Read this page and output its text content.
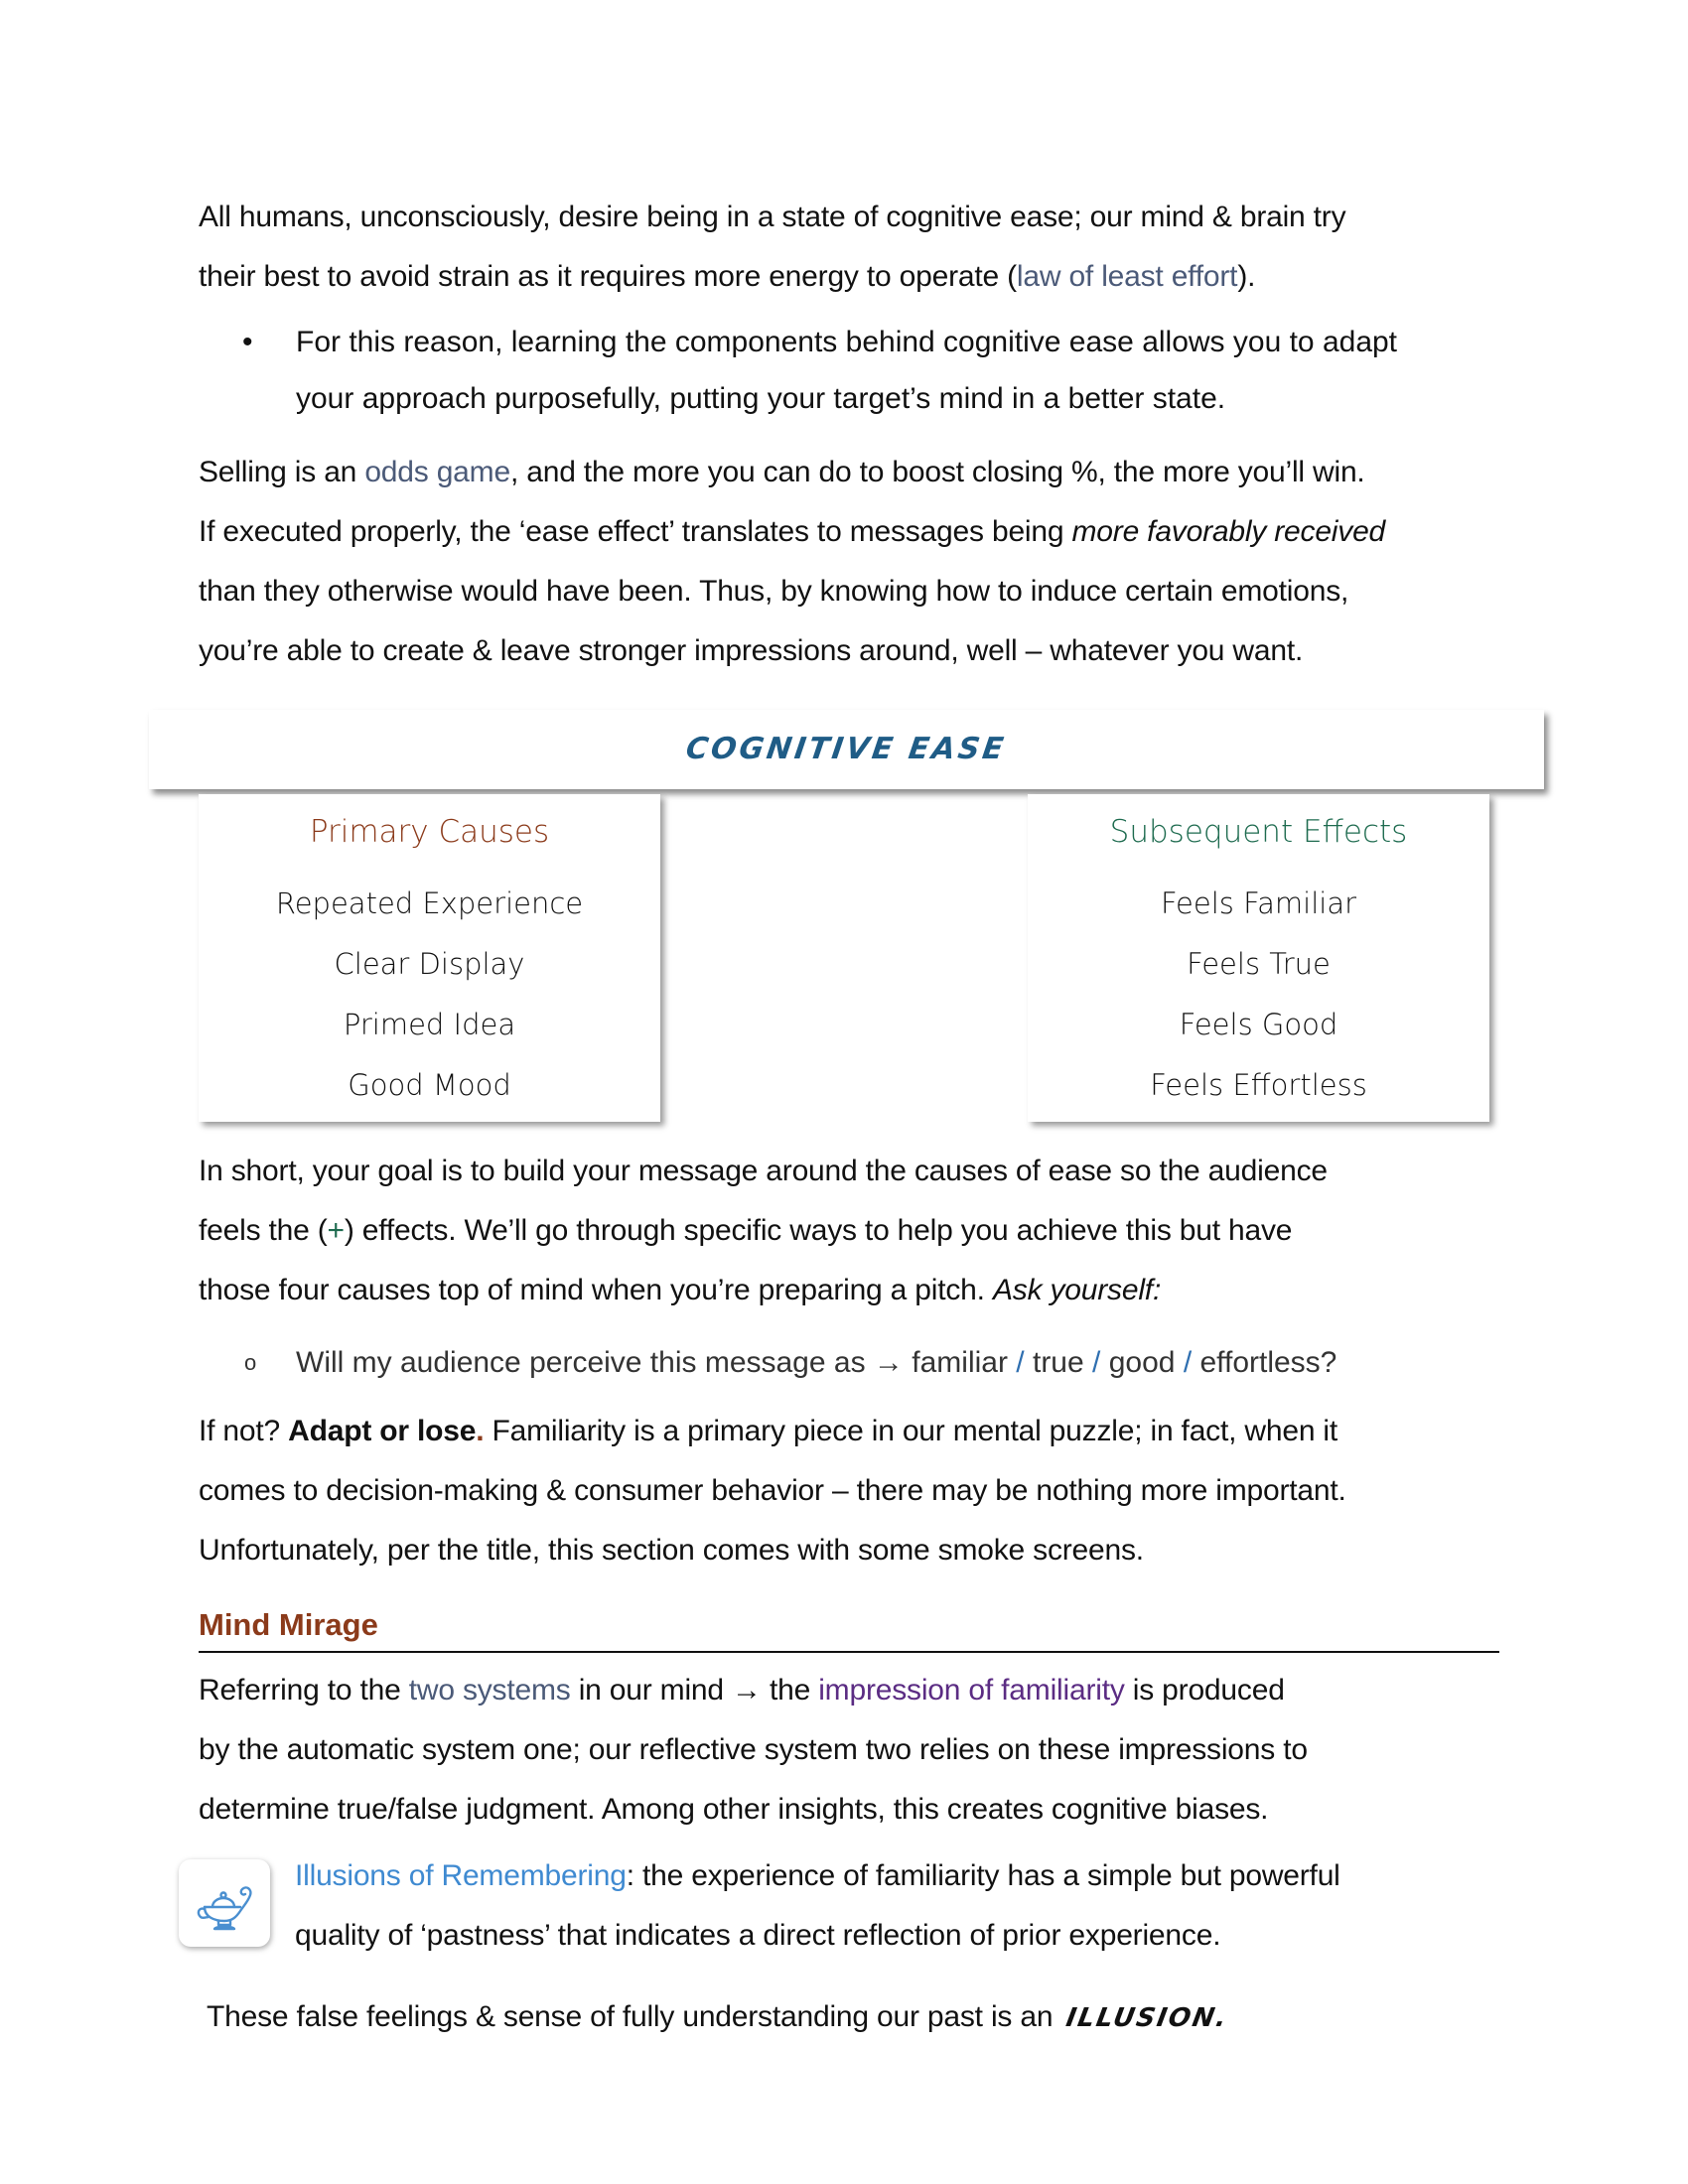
All humans, unconsciously, desire being in a state of cognitive ease; our mind & brain try
their best to avoid strain as it requires more energy to operate (law of least effort).

• For this reason, learning the components behind cognitive ease allows you to adapt
your approach purposefully, putting your target’s mind in a better state.

Selling is an odds game, and the more you can do to boost closing %, the more you’ll win.
If executed properly, the ‘ease effect’ translates to messages being more favorably received
than they otherwise would have been. Thus, by knowing how to induce certain emotions,
you’re able to create & leave stronger impressions around, well – whatever you want.

COGNITIVE EASE
Primary Causes
Repeated Experience
Clear Display
Primed Idea
Good Mood
Subsequent Effects
Feels Familiar
Feels True
Feels Good
Feels Effortless

In short, your goal is to build your message around the causes of ease so the audience
feels the (+) effects. We’ll go through specific ways to help you achieve this but have
those four causes top of mind when you’re preparing a pitch. Ask yourself:

o Will my audience perceive this message as → familiar / true / good / effortless?

If not? Adapt or lose. Familiarity is a primary piece in our mental puzzle; in fact, when it
comes to decision-making & consumer behavior – there may be nothing more important.
Unfortunately, per the title, this section comes with some smoke screens.

Mind Mirage

Referring to the two systems in our mind → the impression of familiarity is produced
by the automatic system one; our reflective system two relies on these impressions to
determine true/false judgment. Among other insights, this creates cognitive biases.

Illusions of Remembering: the experience of familiarity has a simple but powerful
quality of ‘pastness’ that indicates a direct reflection of prior experience.

These false feelings & sense of fully understanding our past is an ILLUSION.
